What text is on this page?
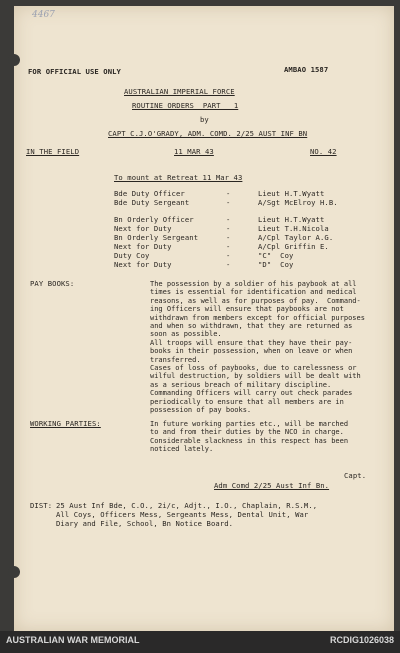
4467
FOR OFFICIAL USE ONLY	AMBAO 1587
AUSTRALIAN IMPERIAL FORCE
ROUTINE ORDERS  PART   1
by
CAPT C.J.O'GRADY, ADM. COMD. 2/25 AUST INF BN
IN THE FIELD	11 MAR 43	NO. 42
To mount at Retreat 11 Mar 43
Bde Duty Officer	-	Lieut H.T.Wyatt
Bde Duty Sergeant	-	A/Sgt McElroy H.B.
Bn Orderly Officer	-	Lieut H.T.Wyatt
Next for Duty	-	Lieut T.H.Nicola
Bn Orderly Sergeant	-	A/Cpl Taylor A.G.
Next for Duty	-	A/Cpl Griffin E.
Duty Coy	-	"C"  Coy
Next for Duty	-	"D"  Coy
PAY BOOKS:	The possession by a soldier of his paybook at all
times is essential for identification and medical
reasons, as well as for purposes of pay.  Command-
ing Officers will ensure that paybooks are not
withdrawn from members except for official purposes
and when so withdrawn, that they are returned as
soon as possible.
All troops will ensure that they have their pay-
books in their possession, when on leave or when
transferred.
Cases of loss of paybooks, due to carelessness or
wilful destruction, by soldiers will be dealt with
as a serious breach of military discipline.
Commanding Officers will carry out check parades
periodically to ensure that all members are in
possession of pay books.
WORKING PARTIES:	In future working parties etc., will be marched
to and from their duties by the NCO in charge.
Considerable slackness in this respect has been
noticed lately.
Capt.
Adm Comd 2/25 Aust Inf Bn.
DIST: 25 Aust Inf Bde, C.O., 2i/c, Adjt., I.O., Chaplain, R.S.M.,
All Coys, Officers Mess, Sergeants Mess, Dental Unit, War
Diary and File, School, Bn Notice Board.
AUSTRALIAN WAR MEMORIAL	RCDIG1026038
